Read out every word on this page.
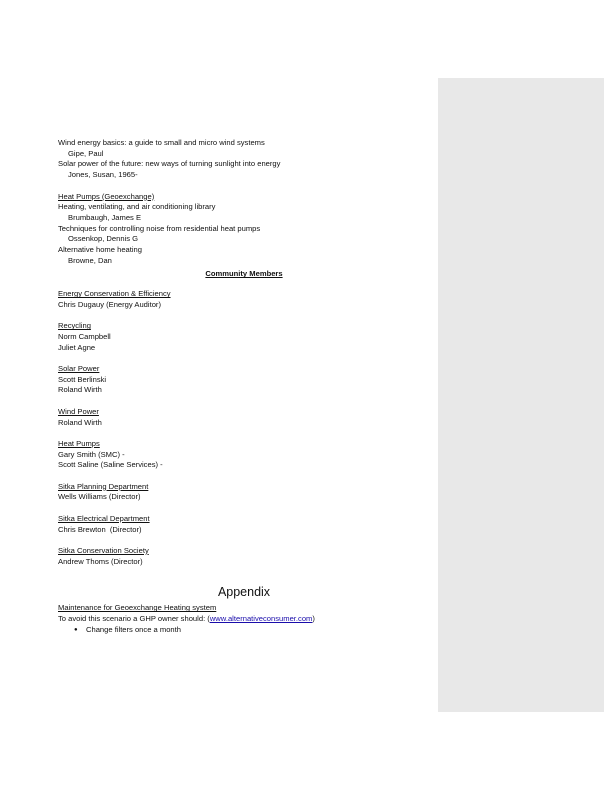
Wind energy basics: a guide to small and micro wind systems
Gipe, Paul
Solar power of the future: new ways of turning sunlight into energy
Jones, Susan, 1965-
Heat Pumps (Geoexchange)
Heating, ventilating, and air conditioning library
Brumbaugh, James E
Techniques for controlling noise from residential heat pumps
Ossenkop, Dennis G
Alternative home heating
Browne, Dan
Community Members
Energy Conservation & Efficiency
Chris Dugauy (Energy Auditor)
Recycling
Norm Campbell
Juliet Agne
Solar Power
Scott Berlinski
Roland Wirth
Wind Power
Roland Wirth
Heat Pumps
Gary Smith (SMC) -
Scott Saline (Saline Services) -
Sitka Planning Department
Wells Williams (Director)
Sitka Electrical Department
Chris Brewton  (Director)
Sitka Conservation Society
Andrew Thoms (Director)
Appendix
Maintenance for Geoexchange Heating system
To avoid this scenario a GHP owner should: (www.alternativeconsumer.com)
●	Change filters once a month
